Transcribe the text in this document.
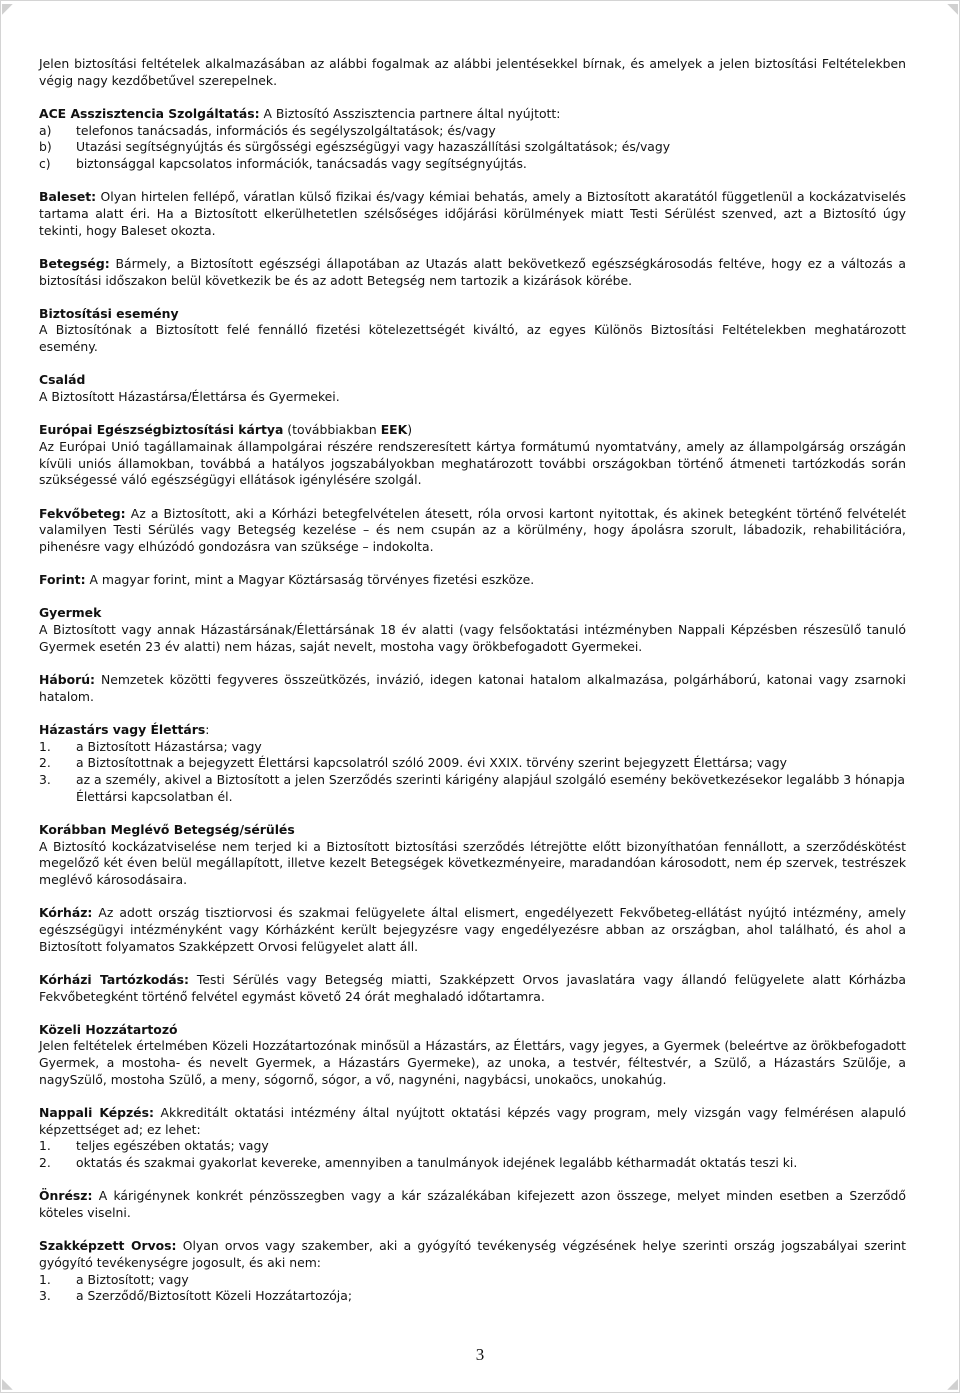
◤	◥
◣	◢

Jelen biztosítási feltételek alkalmazásában az alábbi fogalmak az alábbi jelentésekkel bírnak, és amelyek a jelen biztosítási Feltételekben végig nagy kezdőbetűvel szerepelnek.

ACE Asszisztencia Szolgáltatás: A Biztosító Asszisztencia partnere által nyújtott:

a)	telefonos tanácsadás, információs és segélyszolgáltatások; és/vagy
b)	Utazási segítségnyújtás és sürgősségi egészségügyi vagy hazaszállítási szolgáltatások; és/vagy
c)	biztonsággal kapcsolatos információk, tanácsadás vagy segítségnyújtás.

Baleset: Olyan hirtelen fellépő, váratlan külső fizikai és/vagy kémiai behatás, amely a Biztosított akaratától függetlenül a kockázatviselés tartama alatt éri. Ha a Biztosított elkerülhetetlen szélsőséges időjárási körülmények miatt Testi Sérülést szenved, azt a Biztosító úgy tekinti, hogy Baleset okozta.

Betegség: Bármely, a Biztosított egészségi állapotában az Utazás alatt bekövetkező egészségkárosodás feltéve, hogy ez a változás a biztosítási időszakon belül következik be és az adott Betegség nem tartozik a kizárások körébe.

Biztosítási esemény

A Biztosítónak a Biztosított felé fennálló fizetési kötelezettségét kiváltó, az egyes Különös Biztosítási Feltételekben meghatározott esemény.

Család

A Biztosított Házastársa/Élettársa és Gyermekei.

Európai Egészségbiztosítási kártya (továbbiakban EEK)

Az Európai Unió tagállamainak állampolgárai részére rendszeresített kártya formátumú nyomtatvány, amely az állampolgárság országán kívüli uniós államokban, továbbá a hatályos jogszabályokban meghatározott további országokban történő átmeneti tartózkodás során szükségessé váló egészségügyi ellátások igénylésére szolgál.

Fekvőbeteg: Az a Biztosított, aki a Kórházi betegfelvételen átesett, róla orvosi kartont nyitottak, és akinek betegként történő felvételét valamilyen Testi Sérülés vagy Betegség kezelése – és nem csupán az a körülmény, hogy ápolásra szorult, lábadozik, rehabilitációra, pihenésre vagy elhúzódó gondozásra van szüksége – indokolta.

Forint: A magyar forint, mint a Magyar Köztársaság törvényes fizetési eszköze.

Gyermek

A Biztosított vagy annak Házastársának/Élettársának 18 év alatti (vagy felsőoktatási intézményben Nappali Képzésben részesülő tanuló Gyermek esetén 23 év alatti) nem házas, saját nevelt, mostoha vagy örökbefogadott Gyermekei.

Háború: Nemzetek közötti fegyveres összeütközés, invázió, idegen katonai hatalom alkalmazása, polgárháború, katonai vagy zsarnoki hatalom.

Házastárs vagy Élettárs:

1.	a Biztosított Házastársa; vagy
2.	a Biztosítottnak a bejegyzett Élettársi kapcsolatról szóló 2009. évi XXIX. törvény szerint bejegyzett Élettársa; vagy
3.	az a személy, akivel a Biztosított a jelen Szerződés szerinti kárigény alapjául szolgáló esemény bekövetkezésekor legalább 3 hónapja Élettársi kapcsolatban él.

Korábban Meglévő Betegség/sérülés

A Biztosító kockázatviselése nem terjed ki a Biztosított biztosítási szerződés létrejötte előtt bizonyíthatóan fennállott, a szerződéskötést megelőző két éven belül megállapított, illetve kezelt Betegségek következményeire, maradandóan károsodott, nem ép szervek, testrészek meglévő károsodásaira.

Kórház: Az adott ország tisztiorvosi és szakmai felügyelete által elismert, engedélyezett Fekvőbeteg-ellátást nyújtó intézmény, amely egészségügyi intézményként vagy Kórházként került bejegyzésre vagy engedélyezésre abban az országban, ahol található, és ahol a Biztosított folyamatos Szakképzett Orvosi felügyelet alatt áll.

Kórházi Tartózkodás: Testi Sérülés vagy Betegség miatti, Szakképzett Orvos javaslatára vagy állandó felügyelete alatt Kórházba Fekvőbetegként történő felvétel egymást követő 24 órát meghaladó időtartamra.

Közeli Hozzátartozó

Jelen feltételek értelmében Közeli Hozzátartozónak minősül a Házastárs, az Élettárs, vagy jegyes, a Gyermek (beleértve az örökbefogadott Gyermek, a mostoha- és nevelt Gyermek, a Házastárs Gyermeke), az unoka, a testvér, féltestvér, a Szülő, a Házastárs Szülője, a nagySzülő, mostoha Szülő, a meny, sógornő, sógor, a vő, nagynéni, nagybácsi, unokaöcs, unokahúg.

Nappali Képzés: Akkreditált oktatási intézmény által nyújtott oktatási képzés vagy program, mely vizsgán vagy felmérésen alapuló képzettséget ad; ez lehet:

1.	teljes egészében oktatás; vagy
2.	oktatás és szakmai gyakorlat kevereke, amennyiben a tanulmányok idejének legalább kétharmadát oktatás teszi ki.

Önrész: A kárigénynek konkrét pénzösszegben vagy a kár százalékában kifejezett azon összege, melyet minden esetben a Szerződő köteles viselni.

Szakképzett Orvos: Olyan orvos vagy szakember, aki a gyógyító tevékenység végzésének helye szerinti ország jogszabályai szerint gyógyító tevékenységre jogosult, és aki nem:

1.	a Biztosított; vagy
3.	a Szerződő/Biztosított Közeli Hozzátartozója;
3
